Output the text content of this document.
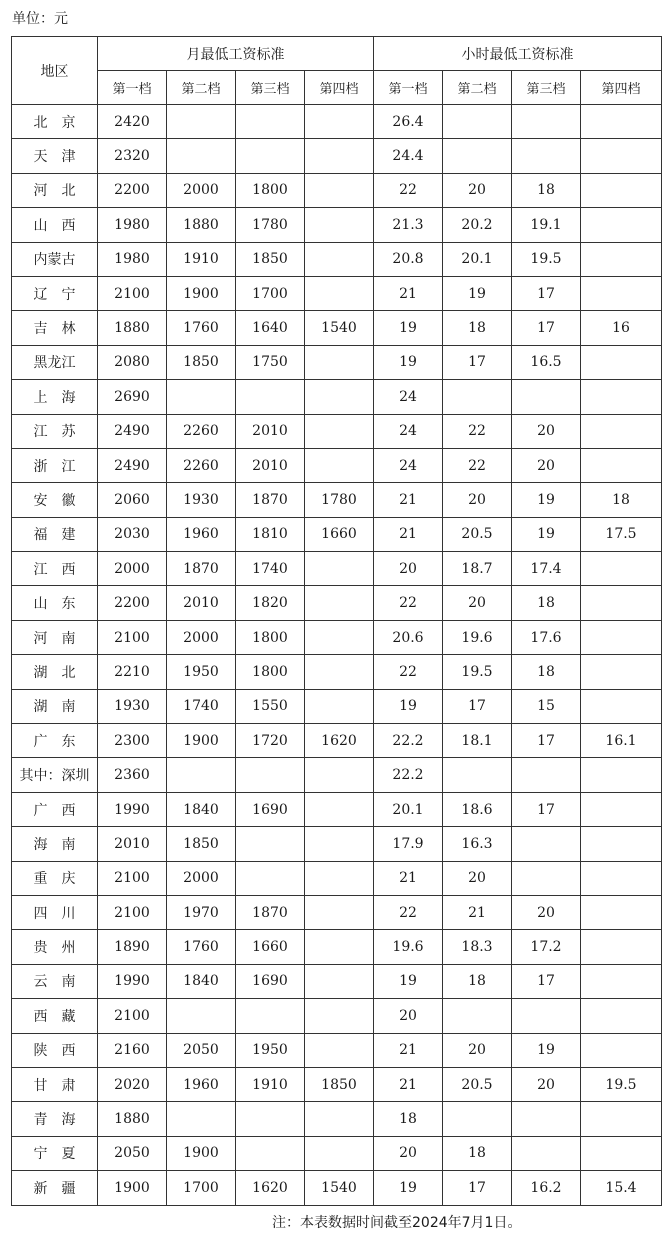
单位：元
地区	月最低工资标准				小时最低工资标准			
	第一档	第二档	第三档	第四档	第一档	第二档	第三档	第四档
北　京	2420				26.4			
天　津	2320				24.4			
河　北	2200	2000	1800		22	20	18	
山　西	1980	1880	1780		21.3	20.2	19.1	
内蒙古	1980	1910	1850		20.8	20.1	19.5	
辽　宁	2100	1900	1700		21	19	17	
吉　林	1880	1760	1640	1540	19	18	17	16
黑龙江	2080	1850	1750		19	17	16.5	
上　海	2690				24			
江　苏	2490	2260	2010		24	22	20	
浙　江	2490	2260	2010		24	22	20	
安　徽	2060	1930	1870	1780	21	20	19	18
福　建	2030	1960	1810	1660	21	20.5	19	17.5
江　西	2000	1870	1740		20	18.7	17.4	
山　东	2200	2010	1820		22	20	18	
河　南	2100	2000	1800		20.6	19.6	17.6	
湖　北	2210	1950	1800		22	19.5	18	
湖　南	1930	1740	1550		19	17	15	
广　东	2300	1900	1720	1620	22.2	18.1	17	16.1
其中：深圳	2360				22.2			
广　西	1990	1840	1690		20.1	18.6	17	
海　南	2010	1850			17.9	16.3		
重　庆	2100	2000			21	20		
四　川	2100	1970	1870		22	21	20	
贵　州	1890	1760	1660		19.6	18.3	17.2	
云　南	1990	1840	1690		19	18	17	
西　藏	2100				20			
陕　西	2160	2050	1950		21	20	19	
甘　肃	2020	1960	1910	1850	21	20.5	20	19.5
青　海	1880				18			
宁　夏	2050	1900			20	18		
新　疆	1900	1700	1620	1540	19	17	16.2	15.4
注：本表数据时间截至2024年7月1日。
